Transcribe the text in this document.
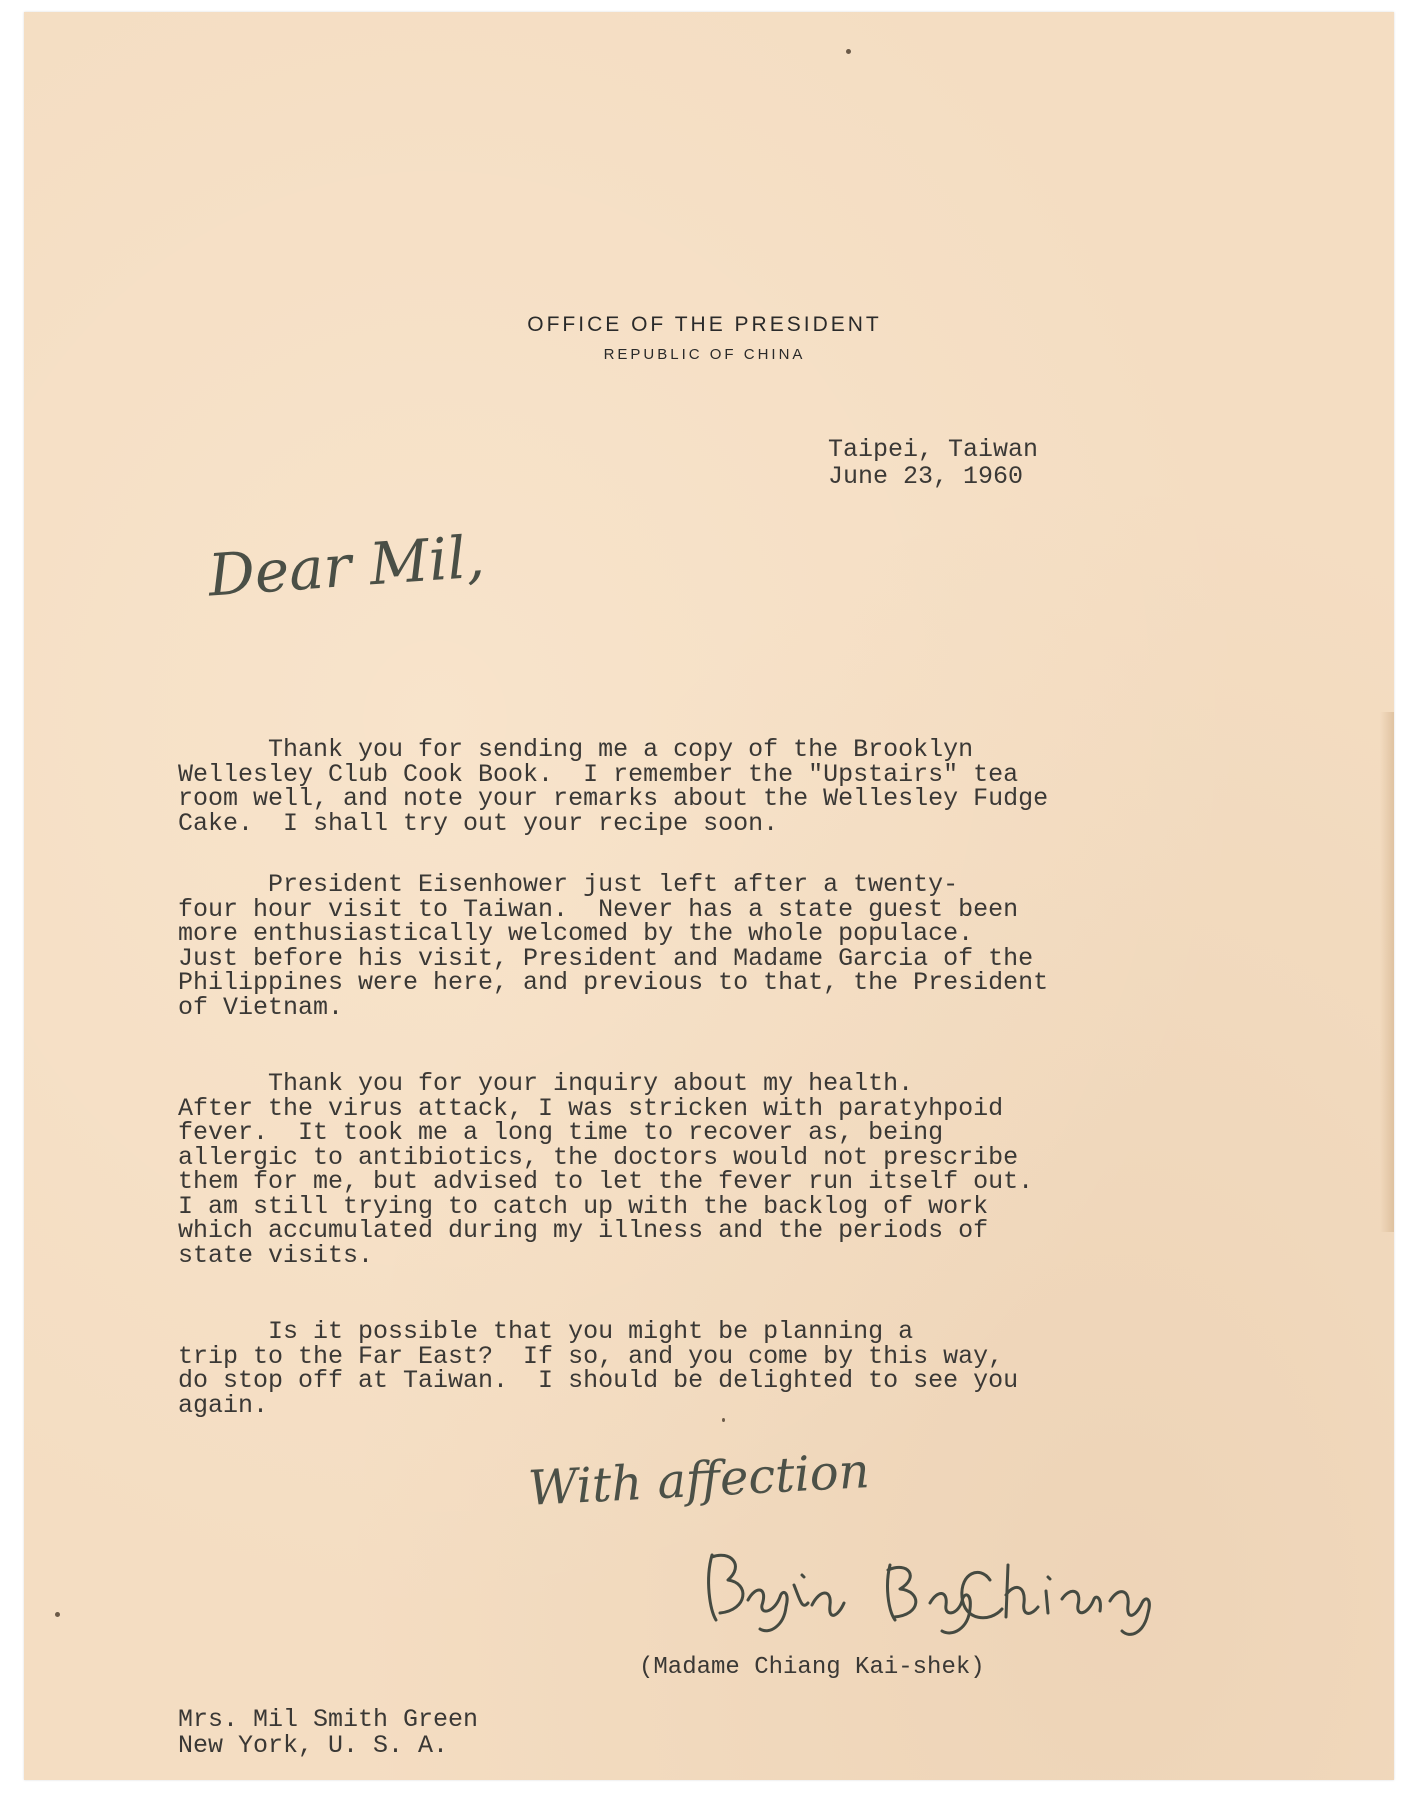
OFFICE OF THE PRESIDENT
REPUBLIC OF CHINA
Taipei, Taiwan
June 23, 1960
Dear Mil,
Thank you for sending me a copy of the Brooklyn
Wellesley Club Cook Book.  I remember the "Upstairs" tea
room well, and note your remarks about the Wellesley Fudge
Cake.  I shall try out your recipe soon.
President Eisenhower just left after a twenty-
four hour visit to Taiwan.  Never has a state guest been
more enthusiastically welcomed by the whole populace.
Just before his visit, President and Madame Garcia of the
Philippines were here, and previous to that, the President
of Vietnam.
Thank you for your inquiry about my health.
After the virus attack, I was stricken with paratyhpoid
fever.  It took me a long time to recover as, being
allergic to antibiotics, the doctors would not prescribe
them for me, but advised to let the fever run itself out.
I am still trying to catch up with the backlog of work
which accumulated during my illness and the periods of
state visits.
Is it possible that you might be planning a
trip to the Far East?  If so, and you come by this way,
do stop off at Taiwan.  I should be delighted to see you
again.
With affection
(Madame Chiang Kai-shek)
Mrs. Mil Smith Green
New York, U. S. A.
